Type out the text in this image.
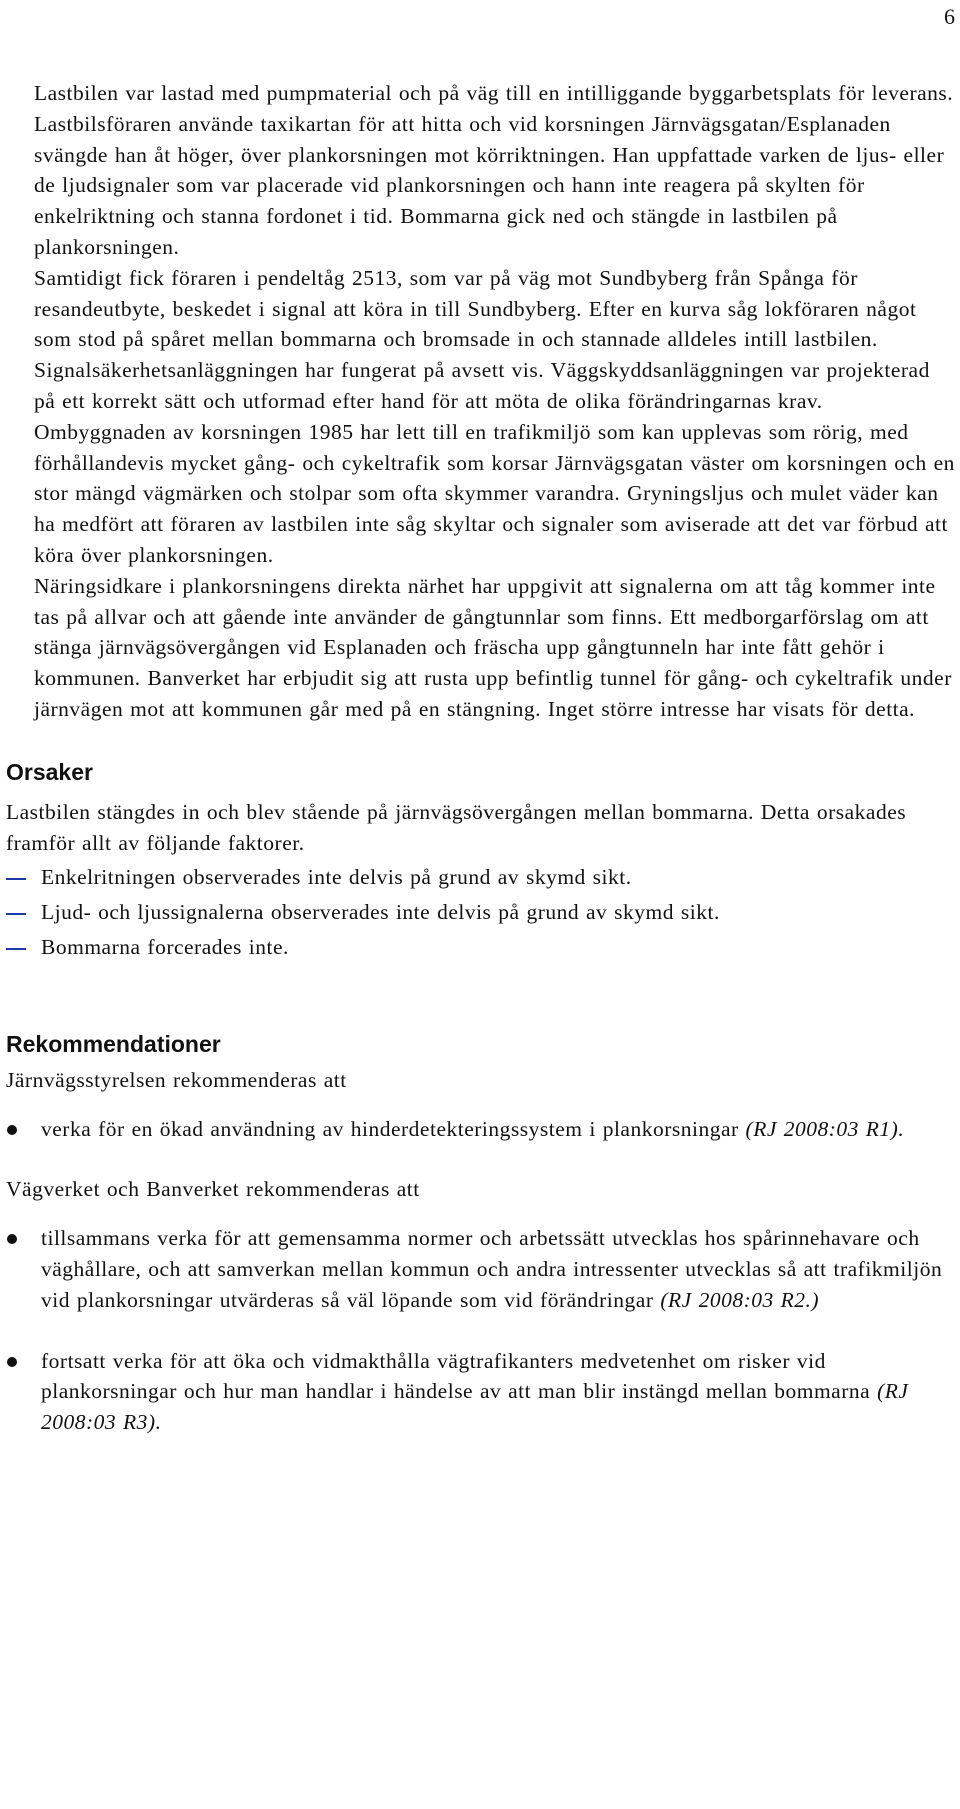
6

Lastbilen var lastad med pumpmaterial och på väg till en intilliggande byggarbetsplats för leverans.

Lastbilsföraren använde taxikartan för att hitta och vid korsningen Järnvägsgatan/Esplanaden svängde han åt höger, över plankorsningen mot körriktningen. Han uppfattade varken de ljus- eller de ljudsignaler som var placerade vid plankorsningen och hann inte reagera på skylten för enkelriktning och stanna fordonet i tid. Bommarna gick ned och stängde in lastbilen på plankorsningen.

Samtidigt fick föraren i pendeltåg 2513, som var på väg mot Sundbyberg från Spånga för resandeutbyte, beskedet i signal att köra in till Sundbyberg. Efter en kurva såg lokföraren något som stod på spåret mellan bommarna och bromsade in och stannade alldeles intill lastbilen.

Signalsäkerhetsanläggningen har fungerat på avsett vis. Väggskyddsanläggningen var projekterad på ett korrekt sätt och utformad efter hand för att möta de olika förändringarnas krav. Ombyggnaden av korsningen 1985 har lett till en trafikmiljö som kan upplevas som rörig, med förhållandevis mycket gång- och cykeltrafik som korsar Järnvägsgatan väster om korsningen och en stor mängd vägmärken och stolpar som ofta skymmer varandra. Gryningsljus och mulet väder kan ha medfört att föraren av lastbilen inte såg skyltar och signaler som aviserade att det var förbud att köra över plankorsningen.

Näringsidkare i plankorsningens direkta närhet har uppgivit att signalerna om att tåg kommer inte tas på allvar och att gående inte använder de gångtunnlar som finns. Ett medborgarförslag om att stänga järnvägsövergången vid Esplanaden och fräscha upp gångtunneln har inte fått gehör i kommunen. Banverket har erbjudit sig att rusta upp befintlig tunnel för gång- och cykeltrafik under järnvägen mot att kommunen går med på en stängning. Inget större intresse har visats för detta.

Orsaker

Lastbilen stängdes in och blev stående på järnvägsövergången mellan bommarna. Detta orsakades framför allt av följande faktorer.

Enkelritningen observerades inte delvis på grund av skymd sikt.
Ljud- och ljussignalerna observerades inte delvis på grund av skymd sikt.
Bommarna forcerades inte.
Rekommendationer

Järnvägsstyrelsen rekommenderas att

verka för en ökad användning av hinderdetekteringssystem i plankorsningar (RJ 2008:03 R1).

Vägverket och Banverket rekommenderas att

tillsammans verka för att gemensamma normer och arbetssätt utvecklas hos spårinnehavare och väghållare, och att samverkan mellan kommun och andra intressenter utvecklas så att trafikmiljön vid plankorsningar utvärderas så väl löpande som vid förändringar (RJ 2008:03 R2.)
fortsatt verka för att öka och vidmakthålla vägtrafikanters medvetenhet om risker vid plankorsningar och hur man handlar i händelse av att man blir instängd mellan bommarna (RJ 2008:03 R3).
